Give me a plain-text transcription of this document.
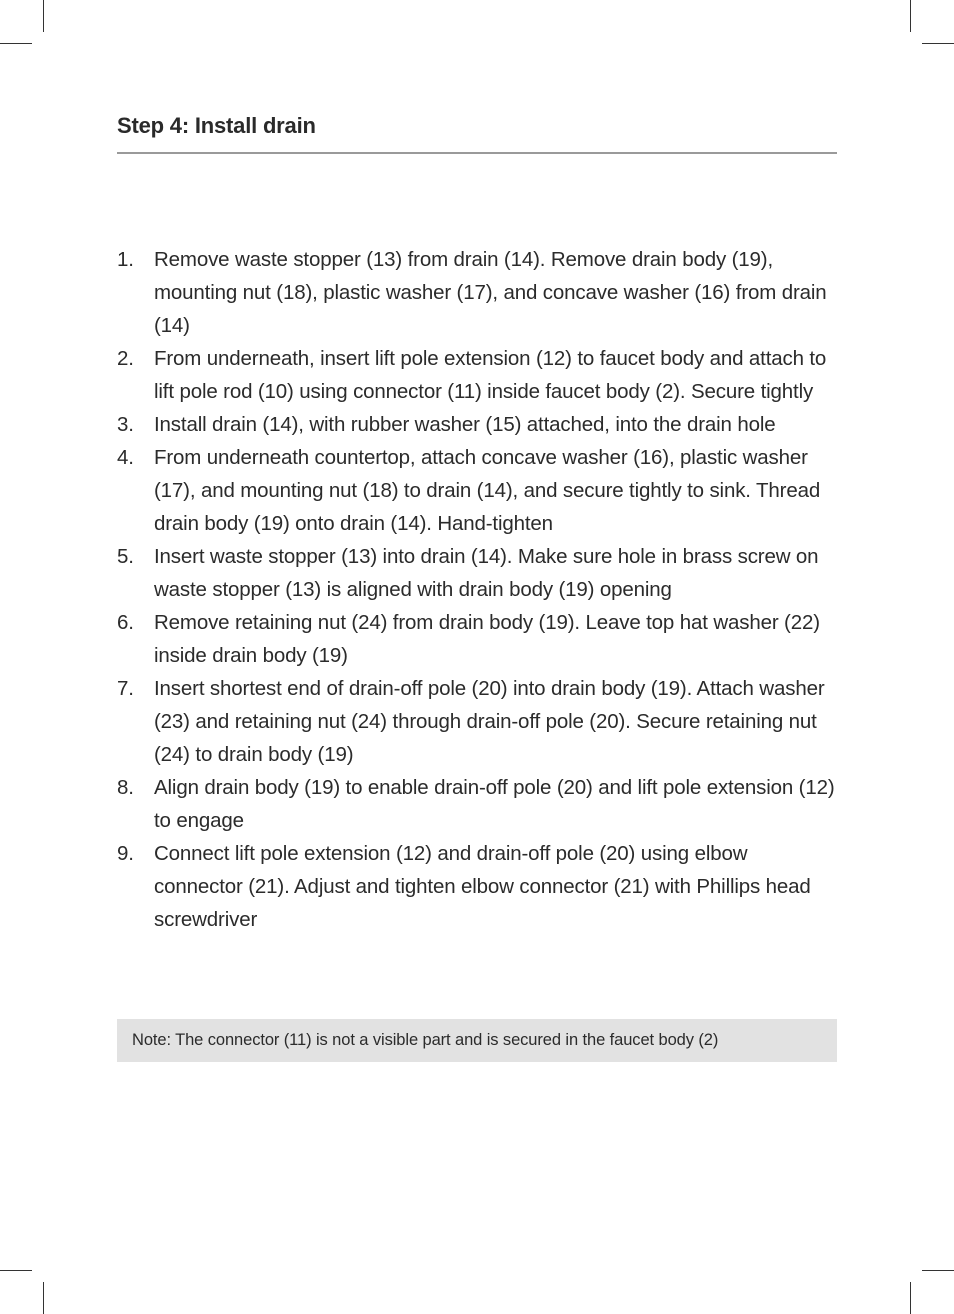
Step 4: Install drain
1. Remove waste stopper (13) from drain (14). Remove drain body (19), mounting nut (18), plastic washer (17), and concave washer (16) from drain (14)
2. From underneath, insert lift pole extension (12) to faucet body and attach to lift pole rod (10) using connector (11) inside faucet body (2). Secure tightly
3. Install drain (14), with rubber washer (15) attached, into the drain hole
4. From underneath countertop, attach concave washer (16), plastic washer (17), and mounting nut (18) to drain (14), and secure tightly to sink. Thread drain body (19) onto drain (14). Hand-tighten
5. Insert waste stopper (13) into drain (14). Make sure hole in brass screw on waste stopper (13) is aligned with drain body (19) opening
6. Remove retaining nut (24) from drain body (19). Leave top hat washer (22) inside drain body (19)
7. Insert shortest end of drain-off pole (20) into drain body (19). Attach washer (23) and retaining nut (24) through drain-off pole (20). Secure retaining nut (24) to drain body (19)
8. Align drain body (19) to enable drain-off pole (20) and lift pole extension (12) to engage
9. Connect lift pole extension (12) and drain-off pole (20) using elbow connector (21). Adjust and tighten elbow connector (21) with Phillips head screwdriver
Note: The connector (11) is not a visible part and is secured in the faucet body (2)
